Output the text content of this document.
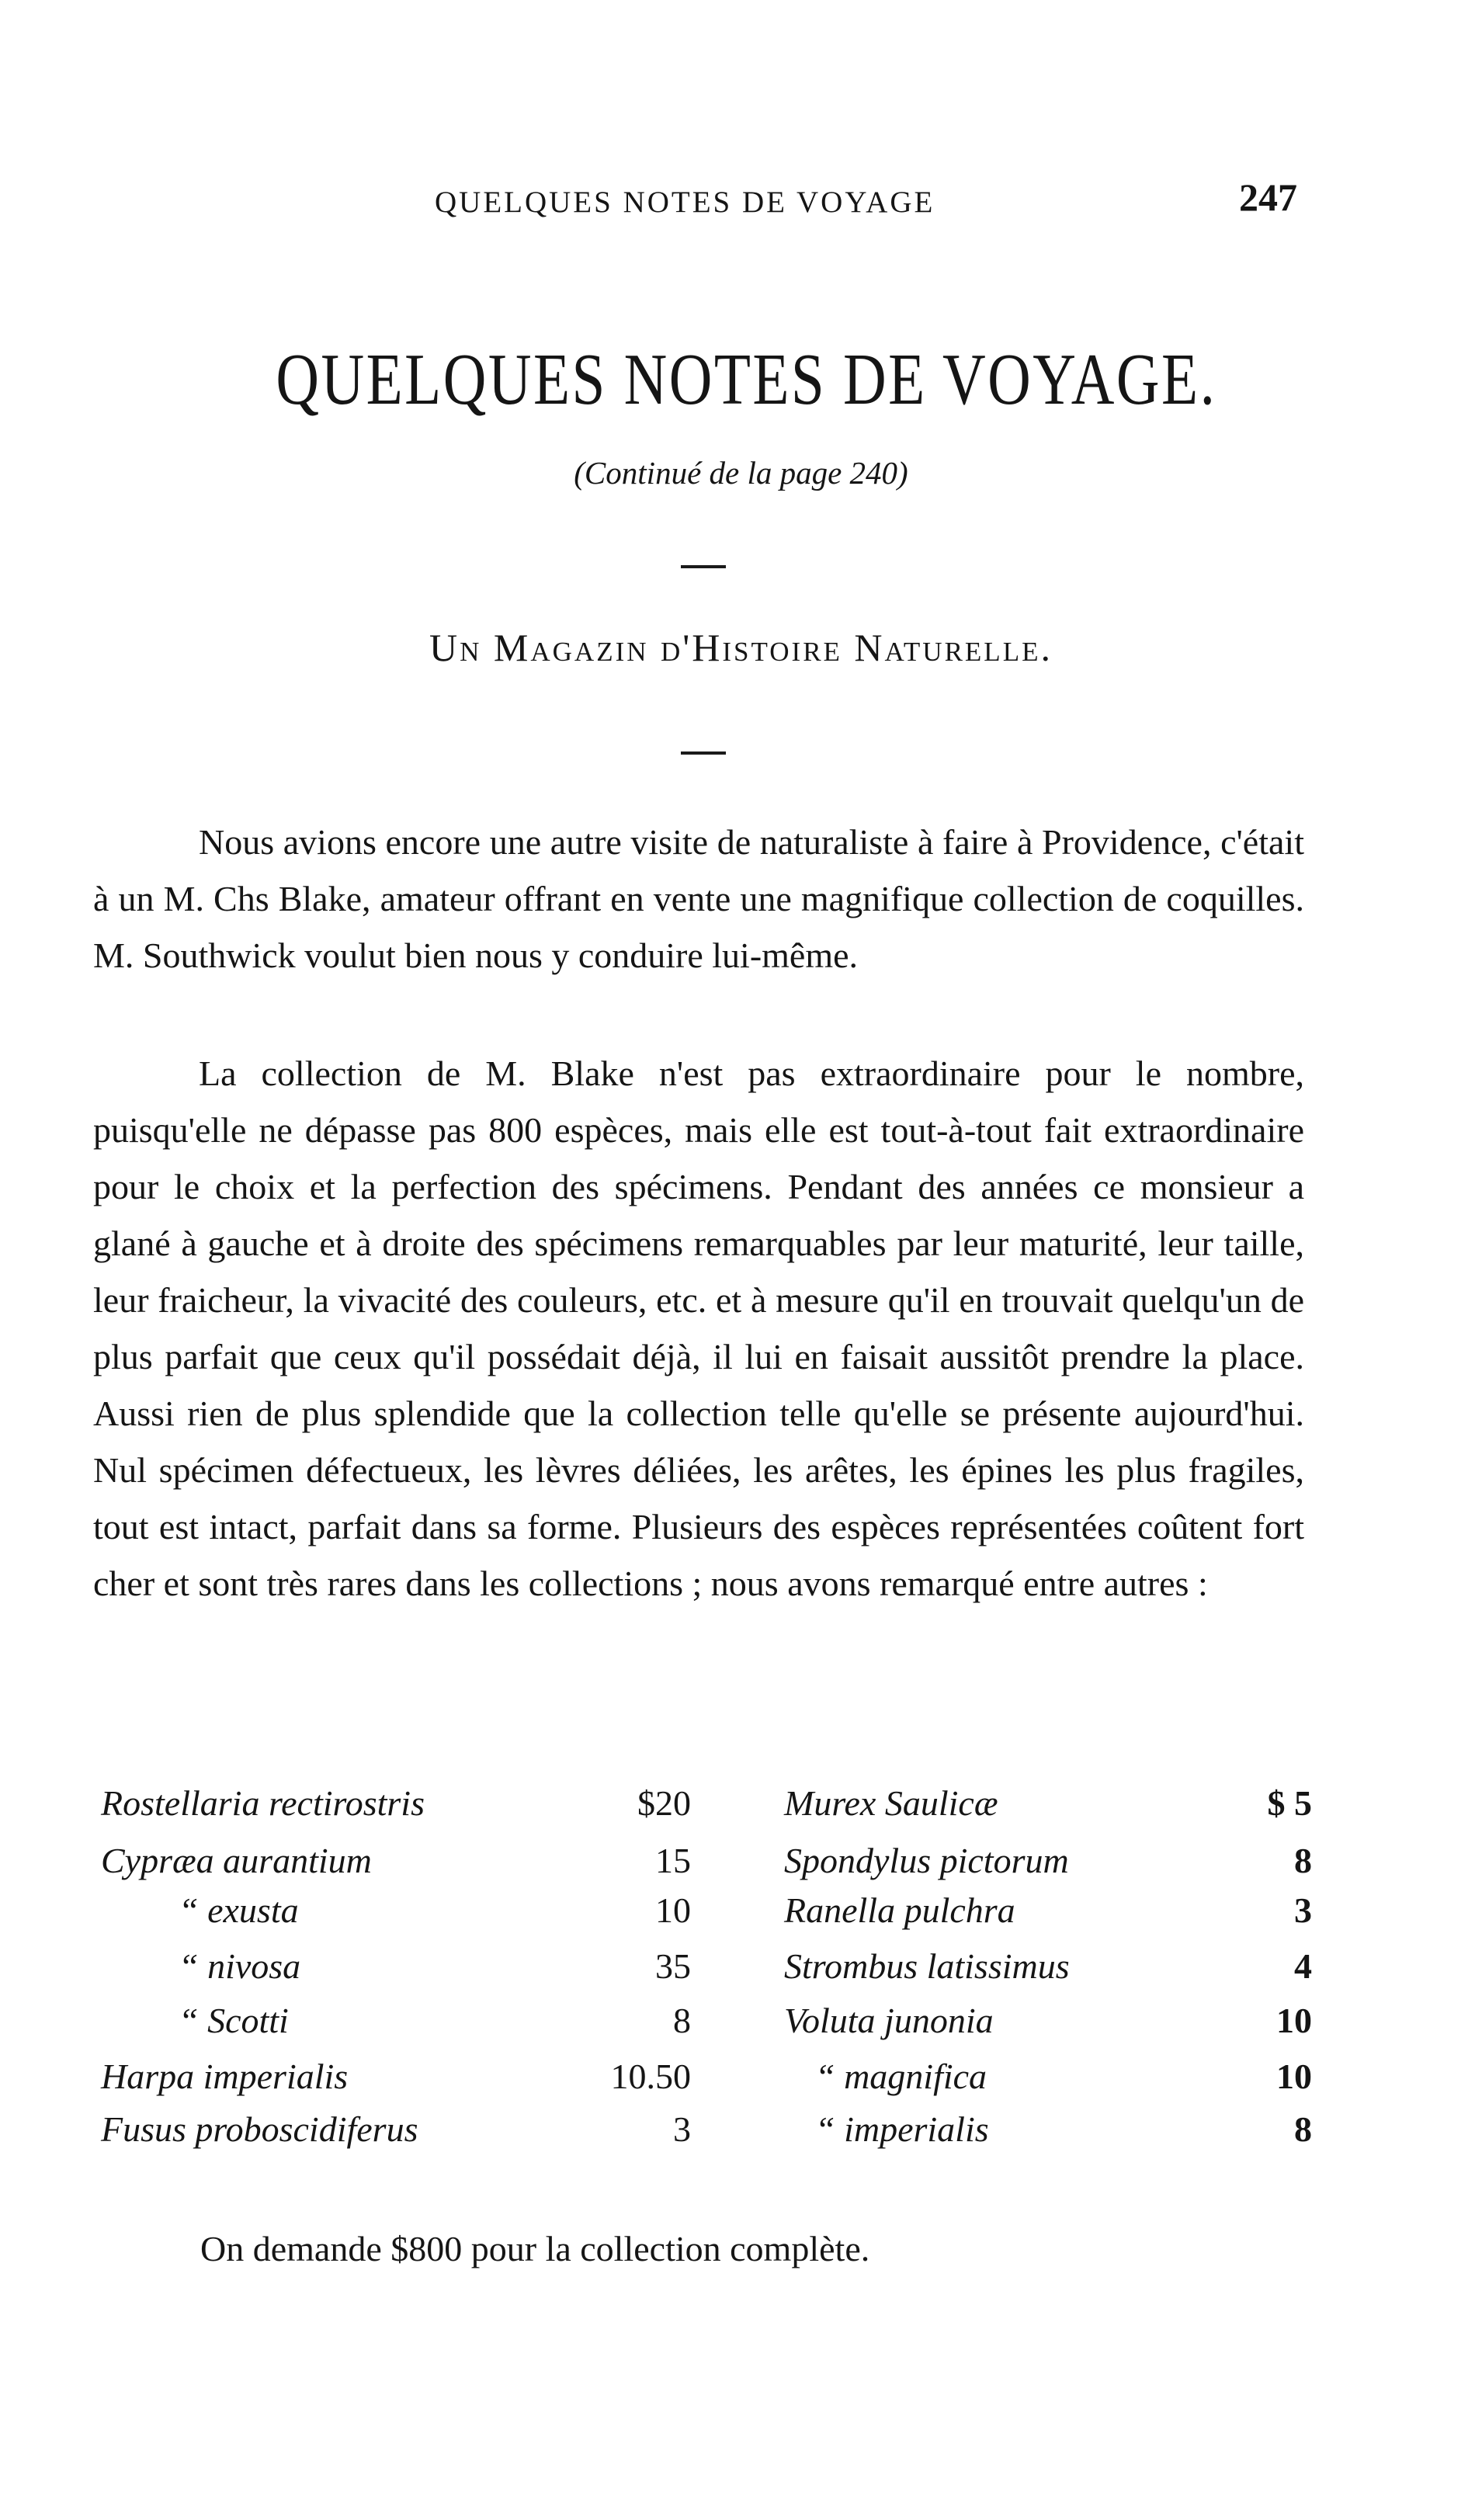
QUELQUES NOTES DE VOYAGE	247
QUELQUES NOTES DE VOYAGE.
(Continué de la page 240)
Un Magazin d'Histoire Naturelle.

Nous avions encore une autre visite de naturaliste à faire à Providence, c'était à un M. Chs Blake, amateur offrant en vente une magnifique collection de coquilles. M. Southwick voulut bien nous y conduire lui-même.

La collection de M. Blake n'est pas extraordinaire pour le nombre, puisqu'elle ne dépasse pas 800 espèces, mais elle est tout-à-tout fait extraordinaire pour le choix et la perfection des spécimens. Pendant des années ce monsieur a glané à gauche et à droite des spécimens remarquables par leur maturité, leur taille, leur fraicheur, la vivacité des couleurs, etc. et à mesure qu'il en trouvait quelqu'un de plus parfait que ceux qu'il possédait déjà, il lui en faisait aussitôt prendre la place. Aussi rien de plus splendide que la collection telle qu'elle se présente aujourd'hui. Nul spécimen défectueux, les lèvres déliées, les arêtes, les épines les plus fragiles, tout est intact, parfait dans sa forme. Plusieurs des espèces représentées coûtent fort cher et sont très rares dans les collections ; nous avons remarqué entre autres :

Rostellaria rectirostris	$20	Murex Saulicæ	$ 5
Cypræa aurantium	15	Spondylus pictorum	8
“ exusta	10	Ranella pulchra	3
“ nivosa	35	Strombus latissimus	4
“ Scotti	8	Voluta junonia	10
Harpa imperialis	10.50	“ magnifica	10
Fusus proboscidiferus	3	“ imperialis	8
On demande $800 pour la collection complète.
